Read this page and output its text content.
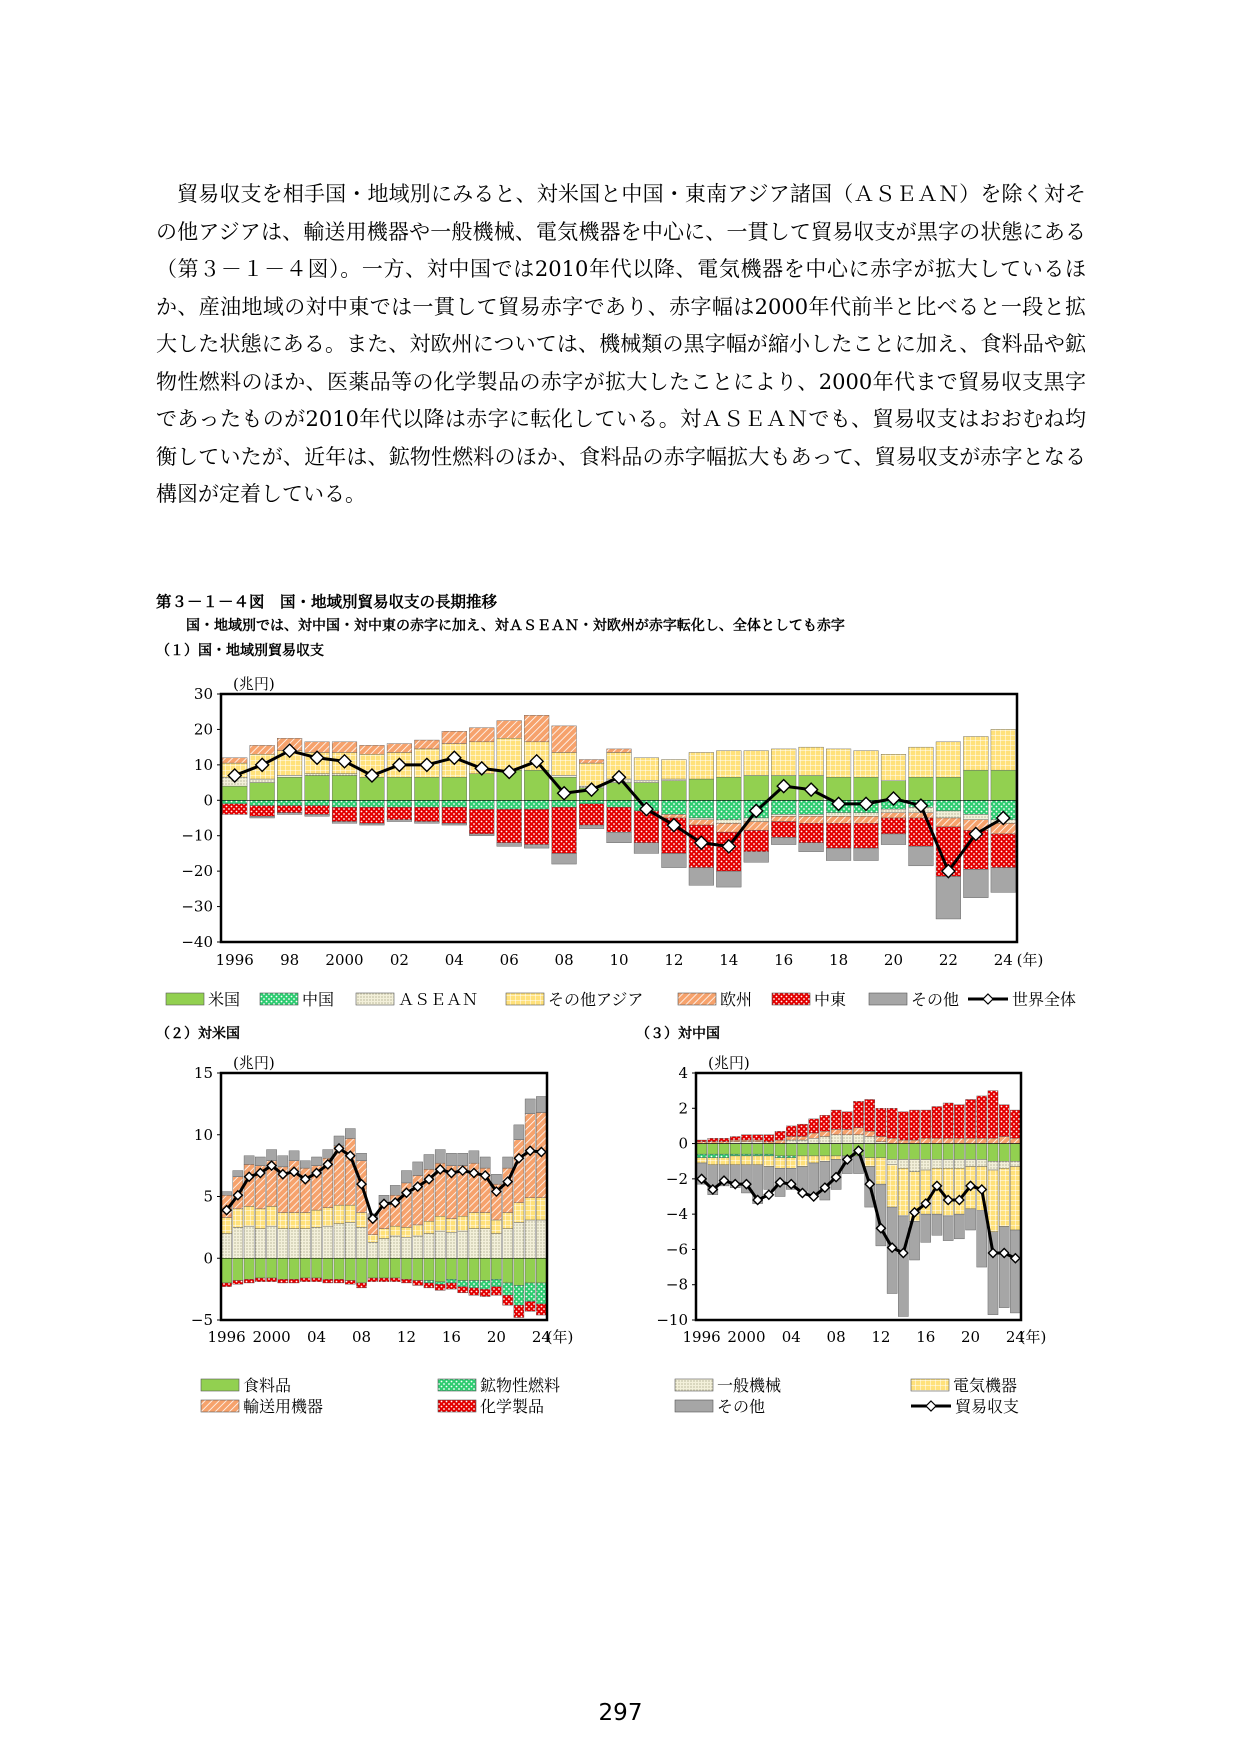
貿易収支を相手国・地域別にみると、対米国と中国・東南アジア諸国（ＡＳＥＡＮ）を除く対その他アジアは、輸送用機器や一般機械、電気機器を中心に、一貫して貿易収支が黒字の状態にある（第３－１－４図）。一方、対中国では2010年代以降、電気機器を中心に赤字が拡大しているほか、産油地域の対中東では一貫して貿易赤字であり、赤字幅は2000年代前半と比べると一段と拡大した状態にある。また、対欧州については、機械類の黒字幅が縮小したことに加え、食料品や鉱物性燃料のほか、医薬品等の化学製品の赤字が拡大したことにより、2000年代まで貿易収支黒字であったものが2010年代以降は赤字に転化している。対ＡＳＥＡＮでも、貿易収支はおおむね均衡していたが、近年は、鉱物性燃料のほか、食料品の赤字幅拡大もあって、貿易収支が赤字となる構図が定着している。

第３－１－４図　国・地域別貿易収支の長期推移
国・地域別では、対中国・対中東の赤字に加え、対ＡＳＥＡＮ・対欧州が赤字転化し、全体としても赤字
（１）国・地域別貿易収支
（２）対米国	（３）対中国
30
20
10
0
−10
−20
−30
−40
1996 98 2000 02 04 06 08 10 12 14 16 18 20 22 24 (年)
(兆円)
15
10
5
0
−5
1996 2000 04 08 12 16 20 24
(年)
(兆円)
4
2
0
−2
−4
−6
−8
−10
1996 2000 04 08 12 16 20 24
(年)
(兆円)
米国	中国	ＡＳＥＡＮ	その他アジア	欧州	中東	その他	世界全体
食料品	鉱物性燃料	一般機械	電気機器
輸送用機器	化学製品	その他	貿易収支
297
